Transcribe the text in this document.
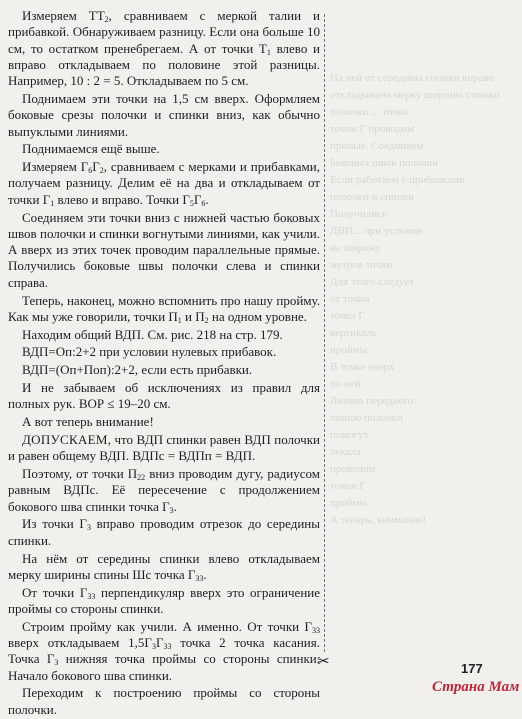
На ней от середины спинки вправо откладываем мерку ширины спинки
полочки ... точки
точки Г проводим
прямые. Соединяем
боковых швов полочки
Если работаем с прибавками
полочки и спинки
Получились
ДВП... при условии
на ширину
метров точки
Для этого следует
от точки
точка Г
вертикаль
проймы
В точке вверх
по ней
Линию переднего
линию полочки
помогут
лекала
проводим
точки Г
проймы
А теперь, внимание!

Измеряем $ТТ_2$, сравниваем с меркой талии и прибавкой. Обнаруживаем разницу. Если она больше 10 см, то остатком пренебрегаем. А от точки $Т_1$ влево и вправо откладываем по половине этой разницы. Например, 10 : 2 = 5. Откладываем по 5 см.

Поднимаем эти точки на 1,5 см вверх. Оформляем боковые срезы полочки и спинки вниз, как обычно выпуклыми линиями.

Поднимаемся ещё выше.

Измеряем $Г_6Г_2$, сравниваем с мерками и прибавками, получаем разницу. Делим её на два и откладываем от точки $Г_1$ влево и вправо. Точки $Г_5Г_6$.

Соединяем эти точки вниз с нижней частью боковых швов полочки и спинки вогнутыми линиями, как учили. А вверх из этих точек проводим параллельные прямые. Получились боковые швы полочки слева и спинки справа.

Теперь, наконец, можно вспомнить про нашу пройму. Как мы уже говорили, точки $П_1$ и $П_2$ на одном уровне.

Находим общий ВДП. См. рис. 218 на стр. 179.

ВДП=Оп:2+2 при условии нулевых прибавок.

ВДП=(Оп+Поп):2+2, если есть прибавки.

И не забываем об исключениях из правил для полных рук. ВОР ≤ 19–20 см.

А вот теперь внимание!

ДОПУСКАЕМ, что ВДП спинки равен ВДП полочки и равен общему ВДП. ВДПс = ВДПп = ВДП.

Поэтому, от точки $П_{22}$ вниз проводим дугу, радиусом равным ВДПс. Её пересечение с продолжением бокового шва спинки точка $Г_3$.

Из точки $Г_3$ вправо проводим отрезок до середины спинки.

На нём от середины спинки влево откладываем мерку ширины спины Шс точка $Г_{33}$.

От точки $Г_{33}$ перпендикуляр вверх это ограничение проймы со стороны спинки.

Строим пройму как учили. А именно. От точки $Г_{33}$ вверх откладываем $1,5Г_3Г_{33}$ точка 2 точка касания. Точка $Г_3$ нижняя точка проймы со стороны спинки. Начало бокового шва спинки.

Переходим к построению проймы со стороны полочки.

✂	177
Страна Мам
